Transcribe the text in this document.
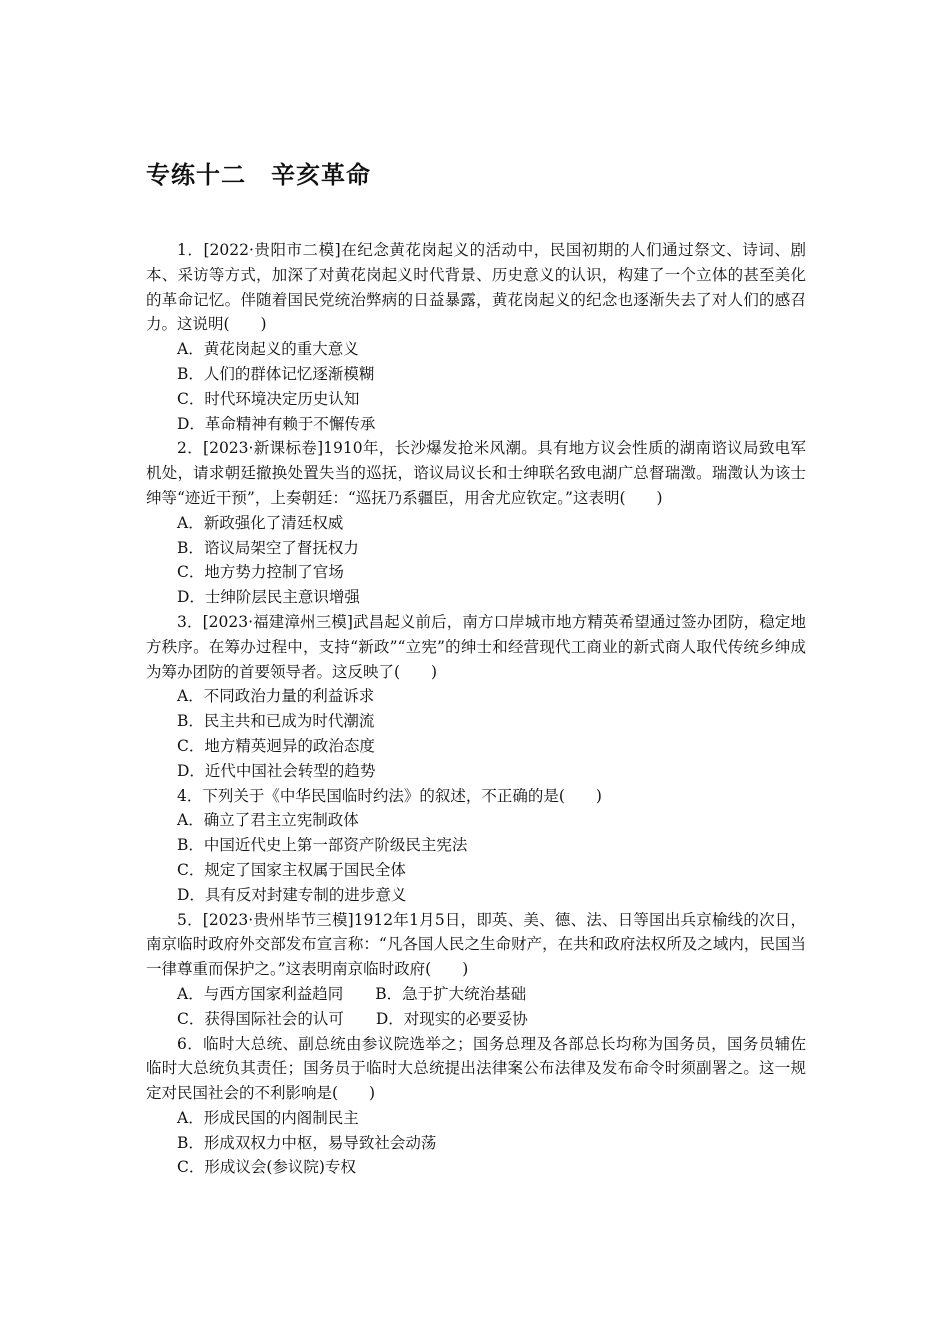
专练十二　辛亥革命

1．[2022·贵阳市二模]在纪念黄花岗起义的活动中，民国初期的人们通过祭文、诗词、剧本、采访等方式，加深了对黄花岗起义时代背景、历史意义的认识，构建了一个立体的甚至美化的革命记忆。伴随着国民党统治弊病的日益暴露，黄花岗起义的纪念也逐渐失去了对人们的感召力。这说明(　　)

A．黄花岗起义的重大意义

B．人们的群体记忆逐渐模糊

C．时代环境决定历史认知

D．革命精神有赖于不懈传承

2．[2023·新课标卷]1910年，长沙爆发抢米风潮。具有地方议会性质的湖南谘议局致电军机处，请求朝廷撤换处置失当的巡抚，谘议局议长和士绅联名致电湖广总督瑞澂。瑞澂认为该士绅等“迹近干预”，上奏朝廷：“巡抚乃系疆臣，用舍尤应钦定。”这表明(　　)

A．新政强化了清廷权威

B．谘议局架空了督抚权力

C．地方势力控制了官场

D．士绅阶层民主意识增强

3．[2023·福建漳州三模]武昌起义前后，南方口岸城市地方精英希望通过签办团防，稳定地方秩序。在筹办过程中，支持“新政”“立宪”的绅士和经营现代工商业的新式商人取代传统乡绅成为筹办团防的首要领导者。这反映了(　　)

A．不同政治力量的利益诉求

B．民主共和已成为时代潮流

C．地方精英迥异的政治态度

D．近代中国社会转型的趋势

4．下列关于《中华民国临时约法》的叙述，不正确的是(　　)

A．确立了君主立宪制政体

B．中国近代史上第一部资产阶级民主宪法

C．规定了国家主权属于国民全体

D．具有反对封建专制的进步意义

5．[2023·贵州毕节三模]1912年1月5日，即英、美、德、法、日等国出兵京榆线的次日，南京临时政府外交部发布宣言称：“凡各国人民之生命财产，在共和政府法权所及之域内，民国当一律尊重而保护之。”这表明南京临时政府(　　)

A．与西方国家利益趋同 B．急于扩大统治基础

C．获得国际社会的认可 D．对现实的必要妥协

6．临时大总统、副总统由参议院选举之；国务总理及各部总长均称为国务员，国务员辅佐临时大总统负其责任；国务员于临时大总统提出法律案公布法律及发布命令时须副署之。这一规定对民国社会的不利影响是(　　)

A．形成民国的内阁制民主

B．形成双权力中枢，易导致社会动荡

C．形成议会(参议院)专权
